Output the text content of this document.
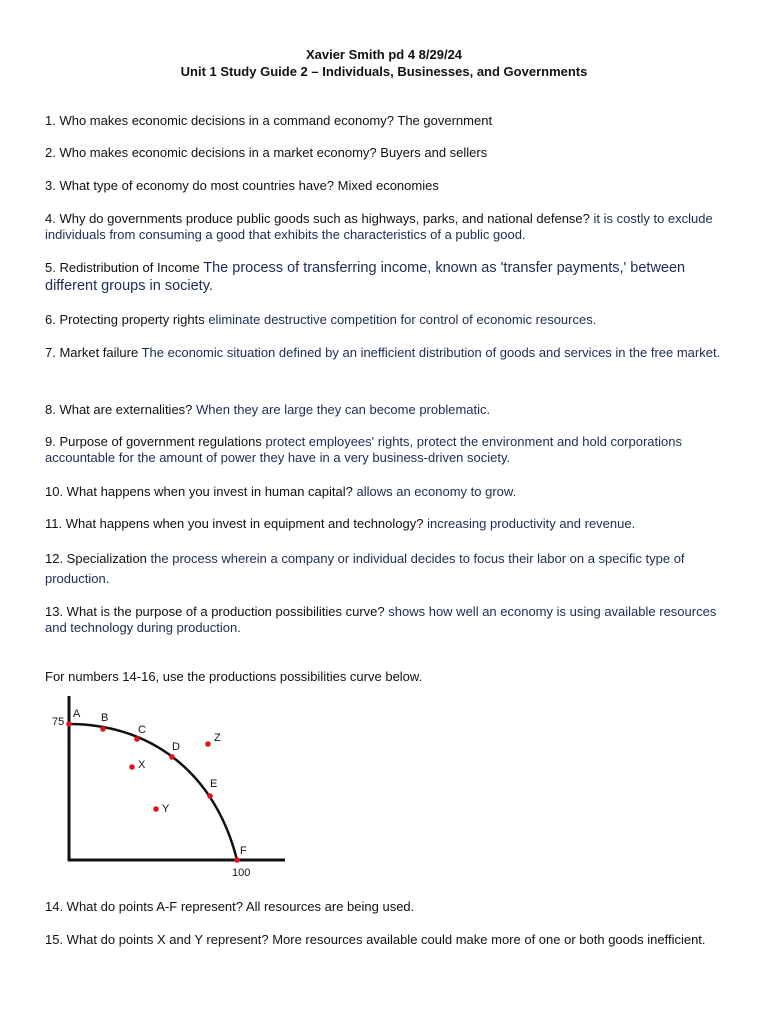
Xavier Smith pd 4 8/29/24
Unit 1 Study Guide 2 – Individuals, Businesses, and Governments
1. Who makes economic decisions in a command economy? The government
2. Who makes economic decisions in a market economy? Buyers and sellers
3. What type of economy do most countries have? Mixed economies
4. Why do governments produce public goods such as highways, parks, and national defense? it is costly to exclude individuals from consuming a good that exhibits the characteristics of a public good.
5. Redistribution of Income The process of transferring income, known as 'transfer payments,' between different groups in society.
6. Protecting property rights eliminate destructive competition for control of economic resources.
7. Market failure The economic situation defined by an inefficient distribution of goods and services in the free market.
8. What are externalities? When they are large they can become problematic.
9. Purpose of government regulations protect employees' rights, protect the environment and hold corporations accountable for the amount of power they have in a very business-driven society.
10. What happens when you invest in human capital? allows an economy to grow.
11. What happens when you invest in equipment and technology? increasing productivity and revenue.
12. Specialization the process wherein a company or individual decides to focus their labor on a specific type of production.
13. What is the purpose of a production possibilities curve? shows how well an economy is using available resources and technology during production.
For numbers 14-16, use the productions possibilities curve below.
75
100
A B
C
D
E
F
X
Y
Z
14. What do points A-F represent? All resources are being used.
15. What do points X and Y represent? More resources available could make more of one or both goods inefficient.
